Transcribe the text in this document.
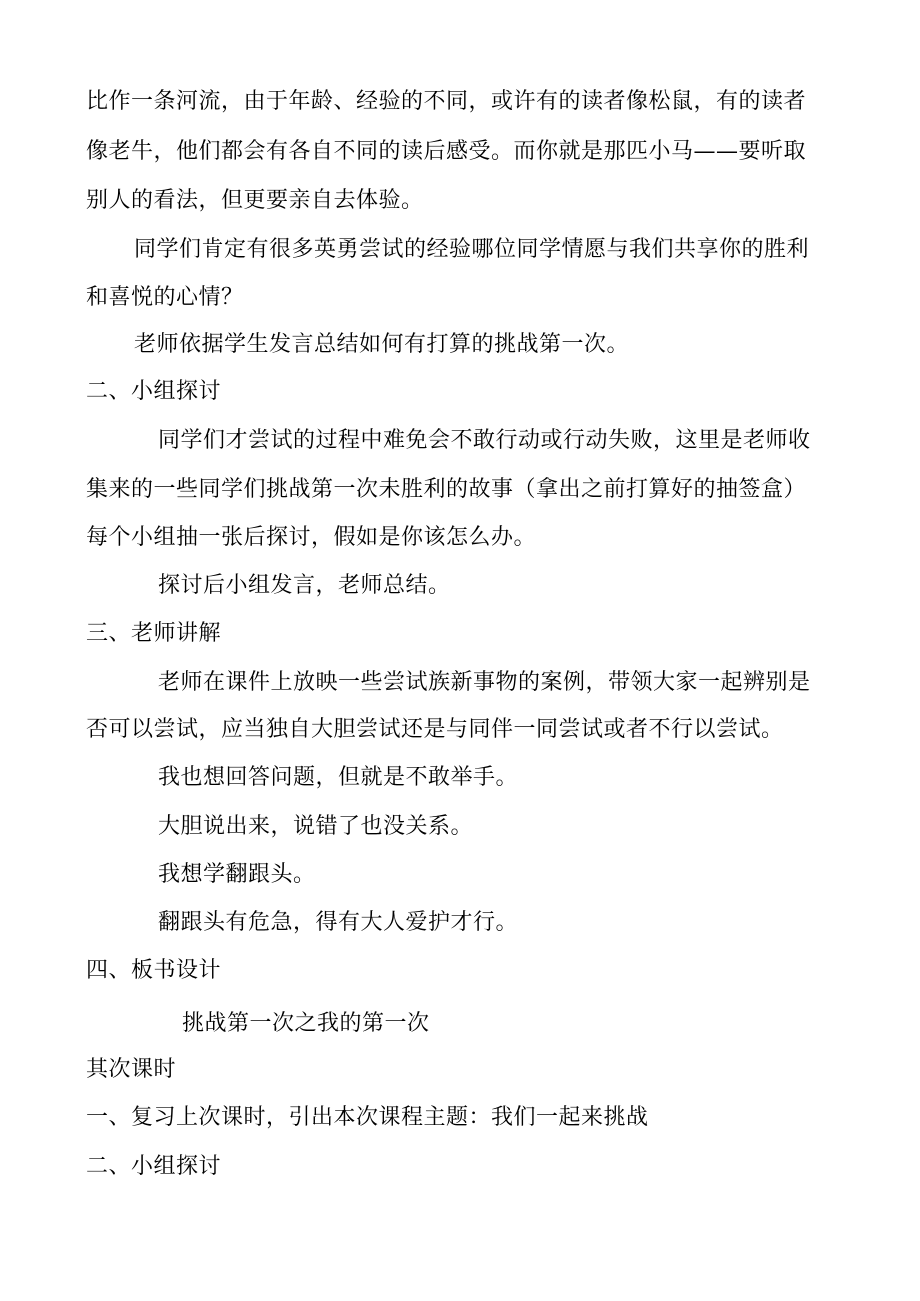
比作一条河流，由于年龄、经验的不同，或许有的读者像松鼠，有的读者
像老牛，他们都会有各自不同的读后感受。而你就是那匹小马——要听取
别人的看法，但更要亲自去体验。
同学们肯定有很多英勇尝试的经验哪位同学情愿与我们共享你的胜利
和喜悦的心情？
老师依据学生发言总结如何有打算的挑战第一次。
二、小组探讨
同学们才尝试的过程中难免会不敢行动或行动失败，这里是老师收
集来的一些同学们挑战第一次未胜利的故事（拿出之前打算好的抽签盒）
每个小组抽一张后探讨，假如是你该怎么办。
探讨后小组发言，老师总结。
三、老师讲解
老师在课件上放映一些尝试族新事物的案例，带领大家一起辨别是
否可以尝试，应当独自大胆尝试还是与同伴一同尝试或者不行以尝试。
我也想回答问题，但就是不敢举手。
大胆说出来，说错了也没关系。
我想学翻跟头。
翻跟头有危急，得有大人爱护才行。
四、板书设计
挑战第一次之我的第一次
其次课时
一、复习上次课时，引出本次课程主题：我们一起来挑战
二、小组探讨
